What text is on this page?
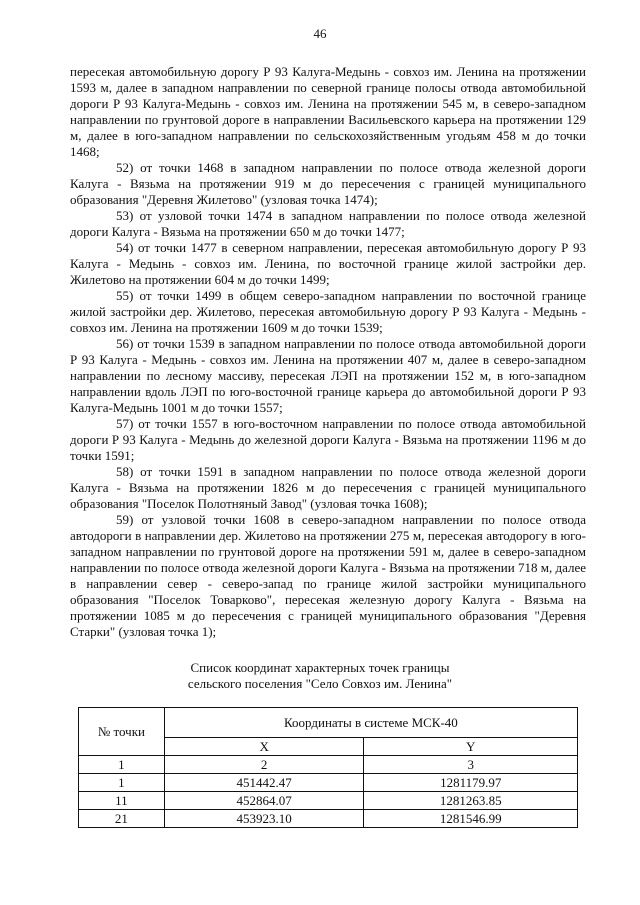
46

пересекая автомобильную дорогу Р 93 Калуга-Медынь - совхоз им. Ленина на протяжении 1593 м, далее в западном направлении по северной границе полосы отвода автомобильной дороги Р 93 Калуга-Медынь - совхоз им. Ленина на протяжении 545 м, в северо-западном направлении по грунтовой дороге в направлении Васильевского карьера на протяжении 129 м, далее в юго-западном направлении по сельскохозяйственным угодьям 458 м до точки 1468;

52) от точки 1468 в западном направлении по полосе отвода железной дороги Калуга - Вязьма на протяжении 919 м до пересечения с границей муниципального образования "Деревня Жилетово" (узловая точка 1474);

53) от узловой точки 1474 в западном направлении по полосе отвода железной дороги Калуга - Вязьма на протяжении 650 м до точки 1477;

54) от точки 1477 в северном направлении, пересекая автомобильную дорогу Р 93 Калуга - Медынь - совхоз им. Ленина, по восточной границе жилой застройки дер. Жилетово на протяжении 604 м до точки 1499;

55) от точки 1499 в общем северо-западном направлении по восточной границе жилой застройки дер. Жилетово, пересекая автомобильную дорогу Р 93 Калуга - Медынь - совхоз им. Ленина на протяжении 1609 м до точки 1539;

56) от точки 1539 в западном направлении по полосе отвода автомобильной дороги Р 93 Калуга - Медынь - совхоз им. Ленина на протяжении 407 м, далее в северо-западном направлении по лесному массиву, пересекая ЛЭП на протяжении 152 м, в юго-западном направлении вдоль ЛЭП по юго-восточной границе карьера до автомобильной дороги Р 93 Калуга-Медынь 1001 м до точки 1557;

57) от точки 1557 в юго-восточном направлении по полосе отвода автомобильной дороги Р 93 Калуга - Медынь до железной дороги Калуга - Вязьма на протяжении 1196 м до точки 1591;

58) от точки 1591 в западном направлении по полосе отвода железной дороги Калуга - Вязьма на протяжении 1826 м до пересечения с границей муниципального образования "Поселок Полотняный Завод" (узловая точка 1608);

59) от узловой точки 1608 в северо-западном направлении по полосе отвода автодороги в направлении дер. Жилетово на протяжении 275 м, пересекая автодорогу в юго-западном направлении по грунтовой дороге на протяжении 591 м, далее в северо-западном направлении по полосе отвода железной дороги Калуга - Вязьма на протяжении 718 м, далее в направлении север - северо-запад по границе жилой застройки муниципального образования "Поселок Товарково", пересекая железную дорогу Калуга - Вязьма на протяжении 1085 м до пересечения с границей муниципального образования "Деревня Старки" (узловая точка 1);

Список координат характерных точек границы
сельского поселения "Село Совхоз им. Ленина"
№ точки	Координаты в системе МСК-40	
	X	Y
1	2	3
1	451442.47	1281179.97
11	452864.07	1281263.85
21	453923.10	1281546.99
